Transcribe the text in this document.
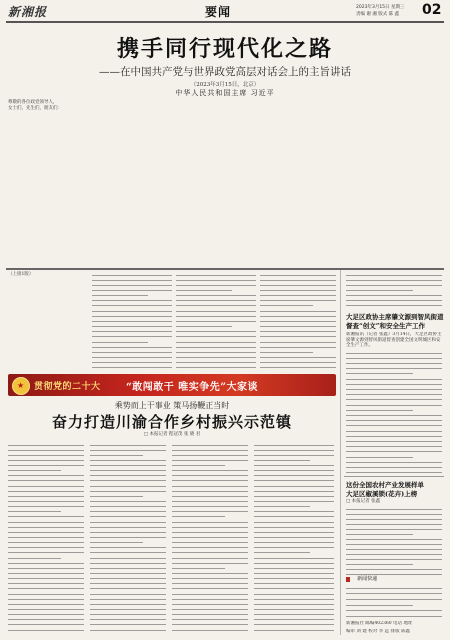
新湘报	要闻	2023年3月15日 星期三
责编 谢 湘 版式 陈 鑫 02
携手同行现代化之路
——在中国共产党与世界政党高层对话会上的主旨讲话
（2023年3月15日，北京）
中华人民共和国主席 习近平
尊敬的各位政党领导人，
女士们，先生们，朋友们：
（上接1版）
★ 贯彻党的二十大	“敢闯敢干 唯实争先”大家谈
乘势而上干事业 策马扬鞭正当时
奋力打造川渝合作乡村振兴示范镇
□ 本报记者 程冠茂 张 晓 君
大足区政协主席肇文源到智风街道
督查“创文”和安全生产工作
新湘报讯（记者 张鑫）3月14日，大足区政协主席肇文源到智风街道督查创建全国文明城区和安全生产工作。
这份全国农村产业发展样单
大足区椒溪锁(花卉)上榜
□ 本报记者 张鑫
$^{新闻快递}$
新湘报社 邮编402360 电话 地址
编审 刘 建 校对 李 远 排版 陈鑫
